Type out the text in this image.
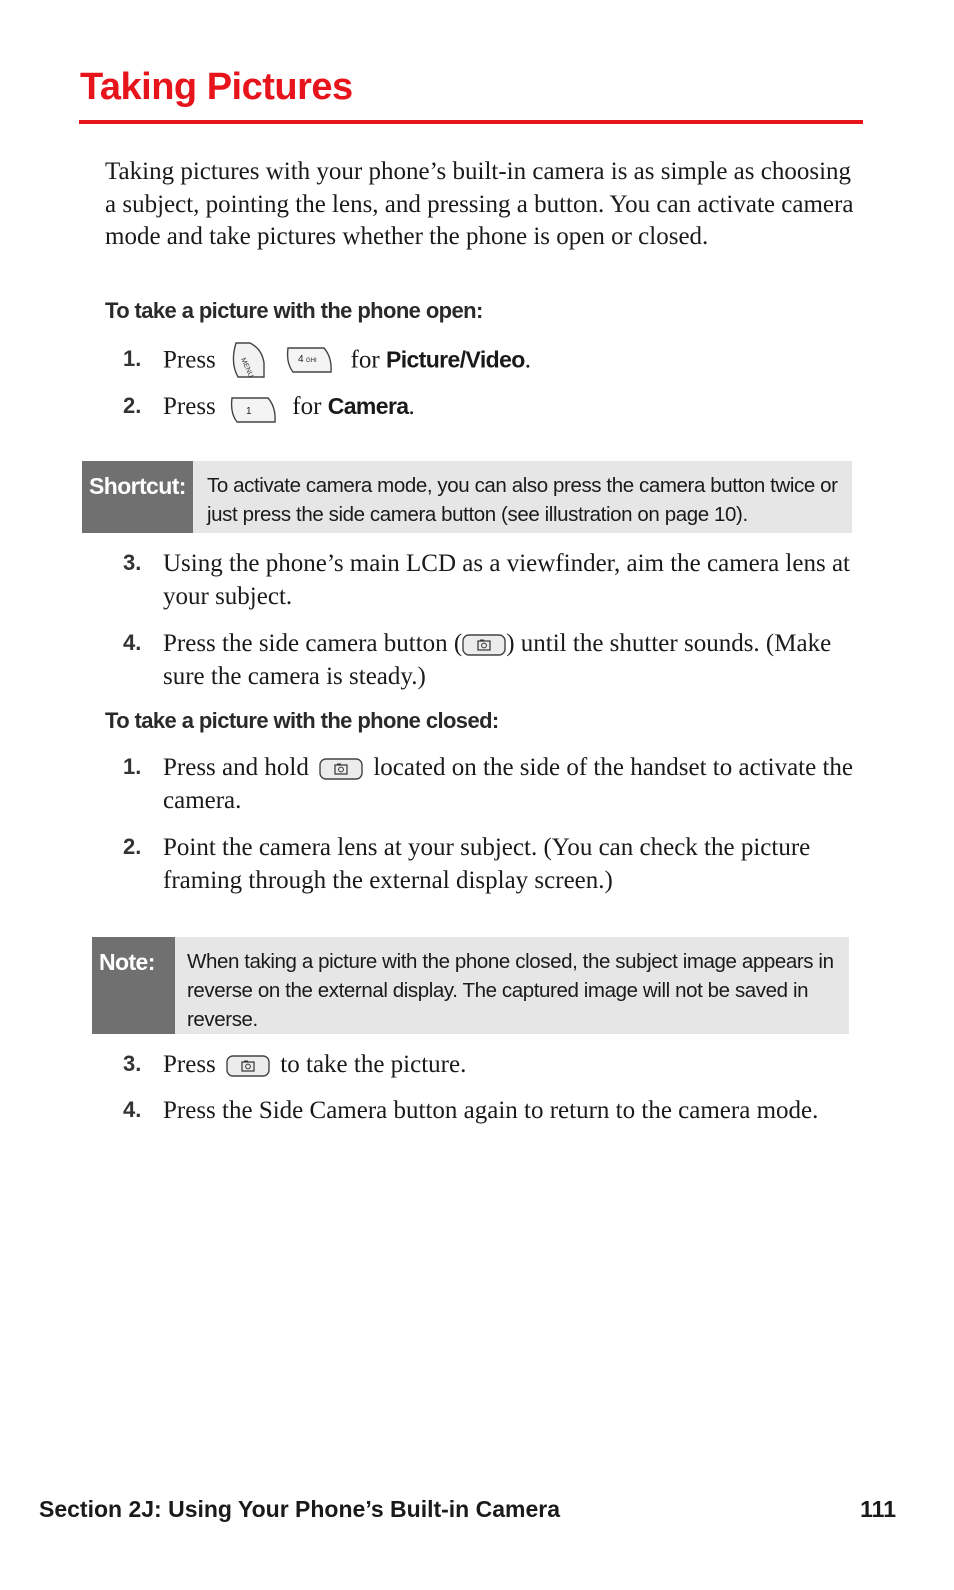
Taking Pictures
Taking pictures with your phone’s built-in camera is as simple as choosing a subject, pointing the lens, and pressing a button. You can activate camera mode and take pictures whether the phone is open or closed.
To take a picture with the phone open:
1. Press	MENU
	4 GHI for Picture/Video.
2. Press	1 for Camera.
Shortcut:	To activate camera mode, you can also press the camera button twice or just press the side camera button (see illustration on page 10).
3. Using the phone’s main LCD as a viewfinder, aim the camera lens at your subject.
4. Press the side camera button ( ) until the shutter sounds. (Make sure the camera is steady.)
To take a picture with the phone closed:
1. Press and hold	located on the side of the handset to activate the camera.
2. Point the camera lens at your subject. (You can check the picture framing through the external display screen.)
Note:	When taking a picture with the phone closed, the subject image appears in reverse on the external display. The captured image will not be saved in reverse.
3. Press	to take the picture.
4. Press the Side Camera button again to return to the camera mode.
Section 2J: Using Your Phone’s Built-in Camera	111
